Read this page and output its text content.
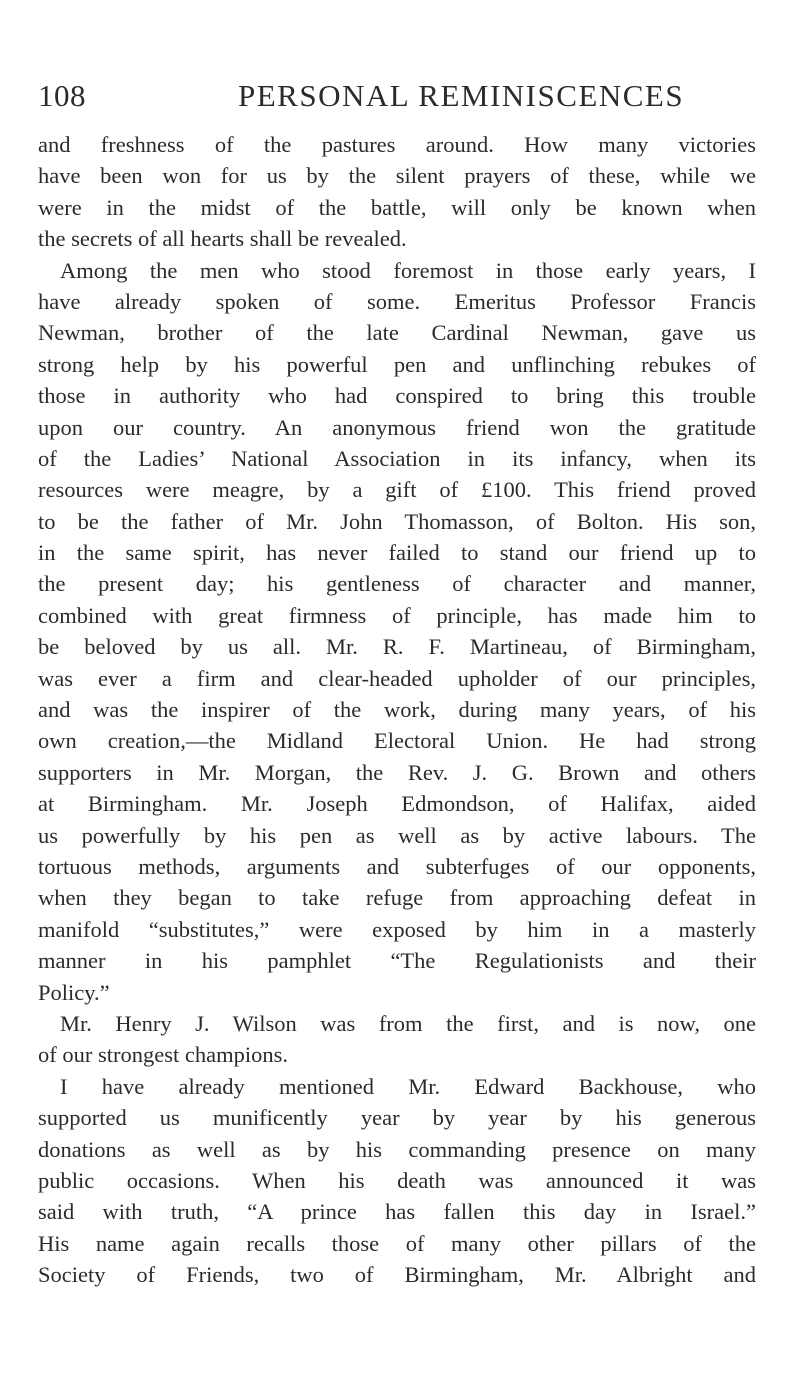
108	PERSONAL REMINISCENCES
and freshness of the pastures around. How many victories
have been won for us by the silent prayers of these, while we
were in the midst of the battle, will only be known when
the secrets of all hearts shall be revealed.
Among the men who stood foremost in those early years, I
have already spoken of some. Emeritus Professor Francis
Newman, brother of the late Cardinal Newman, gave us
strong help by his powerful pen and unflinching rebukes of
those in authority who had conspired to bring this trouble
upon our country. An anonymous friend won the gratitude
of the Ladies’ National Association in its infancy, when its
resources were meagre, by a gift of £100. This friend proved
to be the father of Mr. John Thomasson, of Bolton. His son,
in the same spirit, has never failed to stand our friend up to
the present day; his gentleness of character and manner,
combined with great firmness of principle, has made him to
be beloved by us all. Mr. R. F. Martineau, of Birmingham,
was ever a firm and clear-headed upholder of our principles,
and was the inspirer of the work, during many years, of his
own creation,—the Midland Electoral Union. He had strong
supporters in Mr. Morgan, the Rev. J. G. Brown and others
at Birmingham. Mr. Joseph Edmondson, of Halifax, aided
us powerfully by his pen as well as by active labours. The
tortuous methods, arguments and subterfuges of our opponents,
when they began to take refuge from approaching defeat in
manifold “substitutes,” were exposed by him in a masterly
manner in his pamphlet “The Regulationists and their
Policy.”
Mr. Henry J. Wilson was from the first, and is now, one
of our strongest champions.
I have already mentioned Mr. Edward Backhouse, who
supported us munificently year by year by his generous
donations as well as by his commanding presence on many
public occasions. When his death was announced it was
said with truth, “A prince has fallen this day in Israel.”
His name again recalls those of many other pillars of the
Society of Friends, two of Birmingham, Mr. Albright and
